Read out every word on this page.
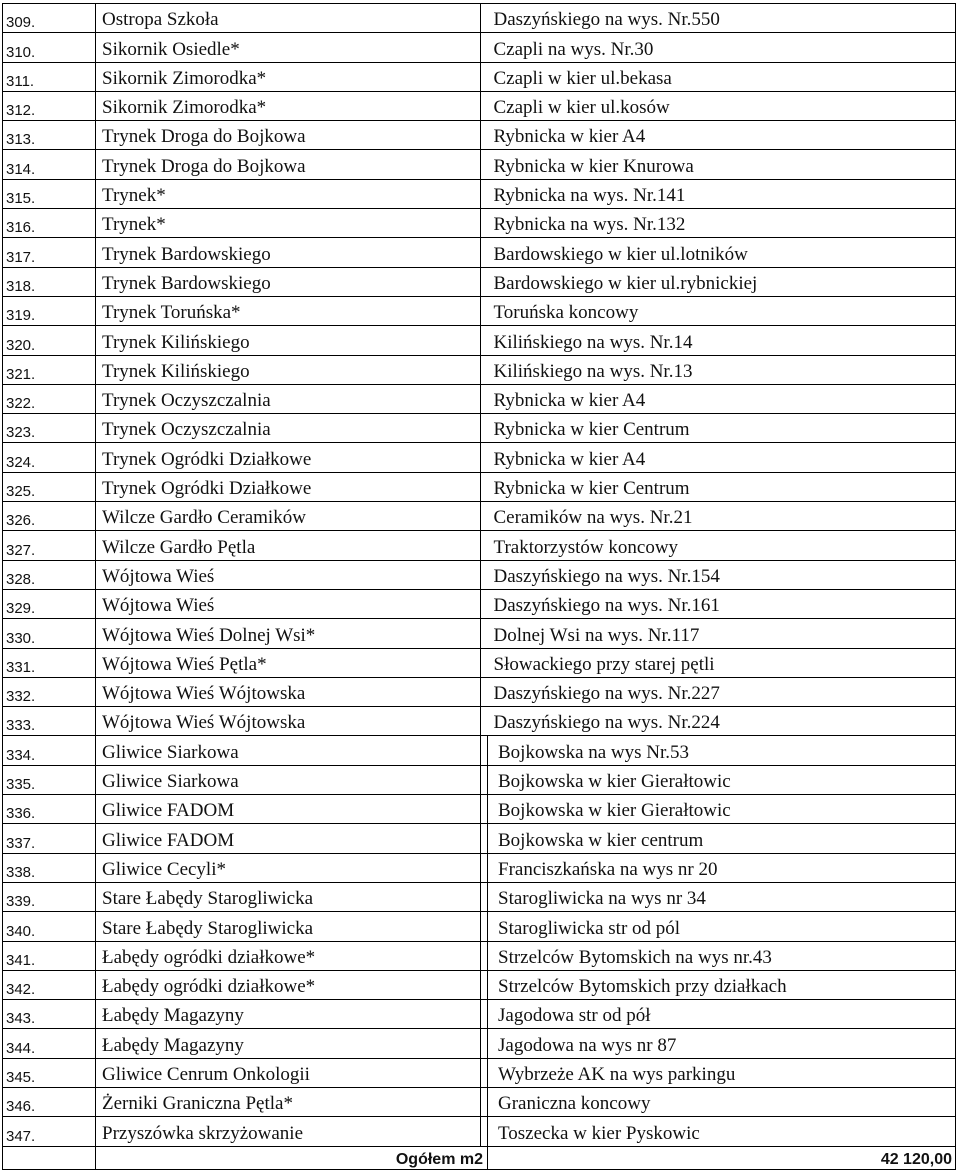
309.	Ostropa Szkoła		Daszyńskiego na wys. Nr.550
310.	Sikornik Osiedle*		Czapli na wys. Nr.30
311.	Sikornik Zimorodka*		Czapli w kier ul.bekasa
312.	Sikornik Zimorodka*		Czapli w kier ul.kosów
313.	Trynek Droga do Bojkowa		Rybnicka w kier A4
314.	Trynek Droga do Bojkowa		Rybnicka w kier Knurowa
315.	Trynek*		Rybnicka na wys. Nr.141
316.	Trynek*		Rybnicka na wys. Nr.132
317.	Trynek Bardowskiego		Bardowskiego w kier ul.lotników
318.	Trynek Bardowskiego		Bardowskiego w kier ul.rybnickiej
319.	Trynek Toruńska*		Toruńska koncowy
320.	Trynek Kilińskiego		Kilińskiego na wys. Nr.14
321.	Trynek Kilińskiego		Kilińskiego na wys. Nr.13
322.	Trynek Oczyszczalnia		Rybnicka w kier A4
323.	Trynek Oczyszczalnia		Rybnicka w kier Centrum
324.	Trynek Ogródki Działkowe		Rybnicka w kier A4
325.	Trynek Ogródki Działkowe		Rybnicka w kier Centrum
326.	Wilcze Gardło Ceramików		Ceramików na wys. Nr.21
327.	Wilcze Gardło Pętla		Traktorzystów koncowy
328.	Wójtowa Wieś		Daszyńskiego na wys. Nr.154
329.	Wójtowa Wieś		Daszyńskiego na wys. Nr.161
330.	Wójtowa Wieś Dolnej Wsi*		Dolnej Wsi na wys. Nr.117
331.	Wójtowa Wieś Pętla*		Słowackiego przy starej pętli
332.	Wójtowa Wieś Wójtowska		Daszyńskiego na wys. Nr.227
333.	Wójtowa Wieś Wójtowska		Daszyńskiego na wys. Nr.224
334.	Gliwice Siarkowa		Bojkowska na wys Nr.53
335.	Gliwice Siarkowa		Bojkowska w kier Gierałtowic
336.	Gliwice FADOM		Bojkowska w kier Gierałtowic
337.	Gliwice FADOM		Bojkowska w kier centrum
338.	Gliwice Cecyli*		Franciszkańska na wys nr 20
339.	Stare Łabędy Starogliwicka		Starogliwicka na wys nr 34
340.	Stare Łabędy Starogliwicka		Starogliwicka str od pól
341.	Łabędy ogródki działkowe*		Strzelców Bytomskich na wys nr.43
342.	Łabędy ogródki działkowe*		Strzelców Bytomskich przy działkach
343.	Łabędy Magazyny		Jagodowa str od pół
344.	Łabędy Magazyny		Jagodowa na wys nr 87
345.	Gliwice Cenrum Onkologii		Wybrzeże AK na wys parkingu
346.	Żerniki Graniczna Pętla*		Graniczna koncowy
347.	Przyszówka skrzyżowanie		Toszecka w kier Pyskowic
	Ogółem m2		42 120,00
